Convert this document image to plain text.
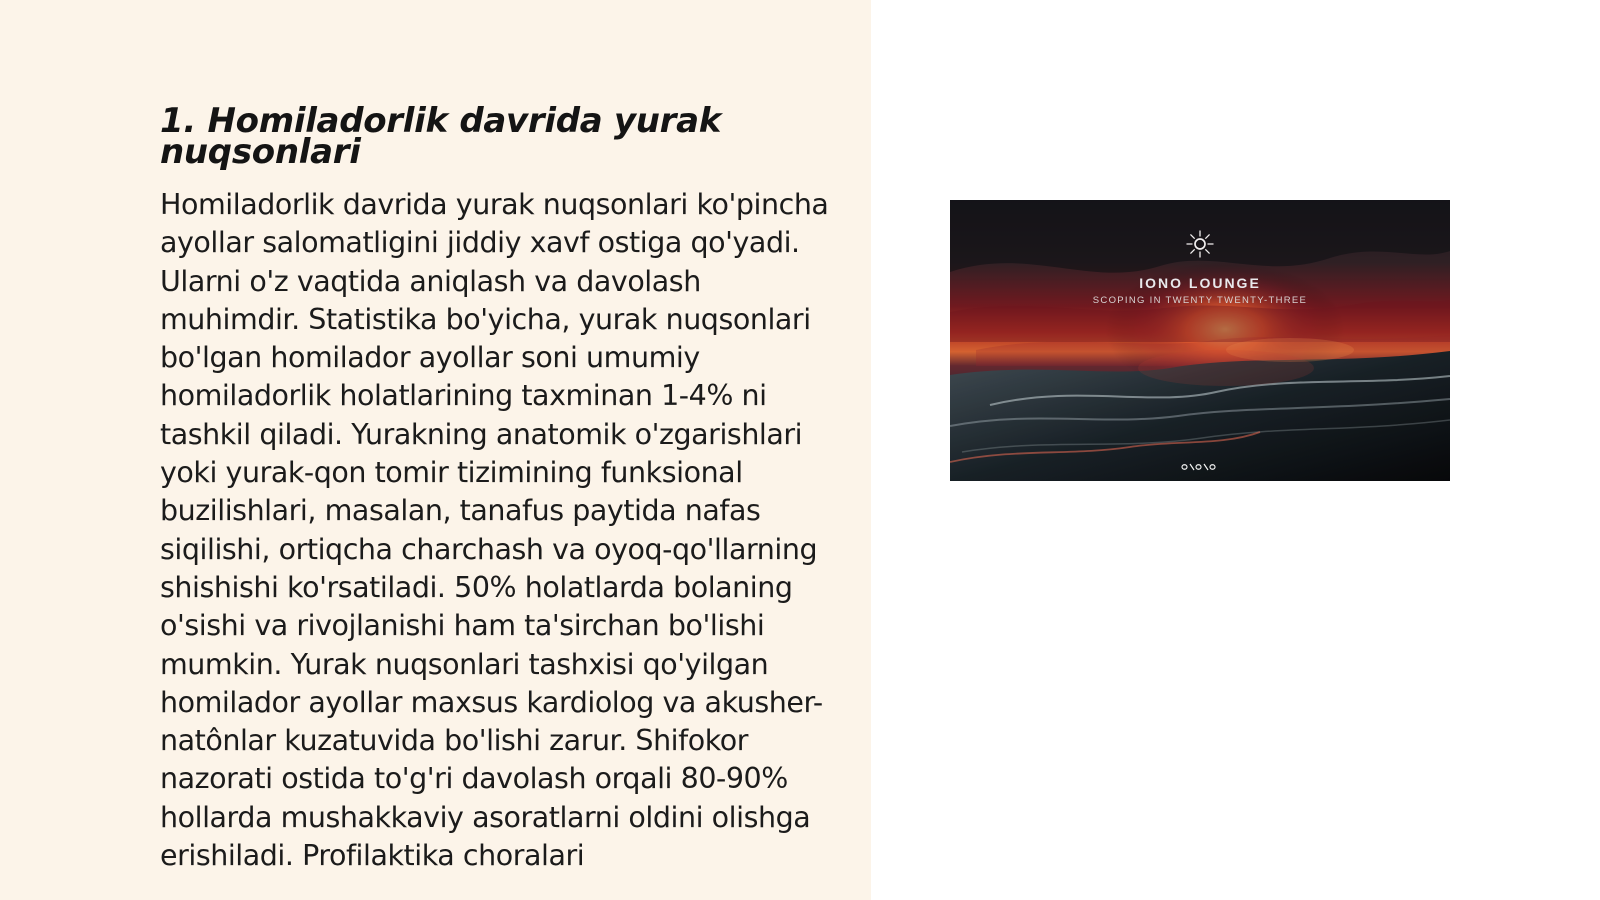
1. Homiladorlik davrida yurak nuqsonlari

Homiladorlik davrida yurak nuqsonlari ko'pincha ayollar salomatligini jiddiy xavf ostiga qo'yadi. Ularni o'z vaqtida aniqlash va davolash muhimdir. Statistika bo'yicha, yurak nuqsonlari bo'lgan homilador ayollar soni umumiy homiladorlik holatlarining taxminan 1-4% ni tashkil qiladi. Yurakning anatomik o'zgarishlari yoki yurak-qon tomir tizimining funksional buzilishlari, masalan, tanafus paytida nafas siqilishi, ortiqcha charchash va oyoq-qo'llarning shishishi ko'rsatiladi. 50% holatlarda bolaning o'sishi va rivojlanishi ham ta'sirchan bo'lishi mumkin. Yurak nuqsonlari tashxisi qo'yilgan homilador ayollar maxsus kardiolog va akusher-natônlar kuzatuvida bo'lishi zarur. Shifokor nazorati ostida to'g'ri davolash orqali 80-90% hollarda mushakkaviy asoratlarni oldini olishga erishiladi. Profilaktika choralari

IONO LOUNGE
SCOPING IN TWENTY TWENTY-THREE
